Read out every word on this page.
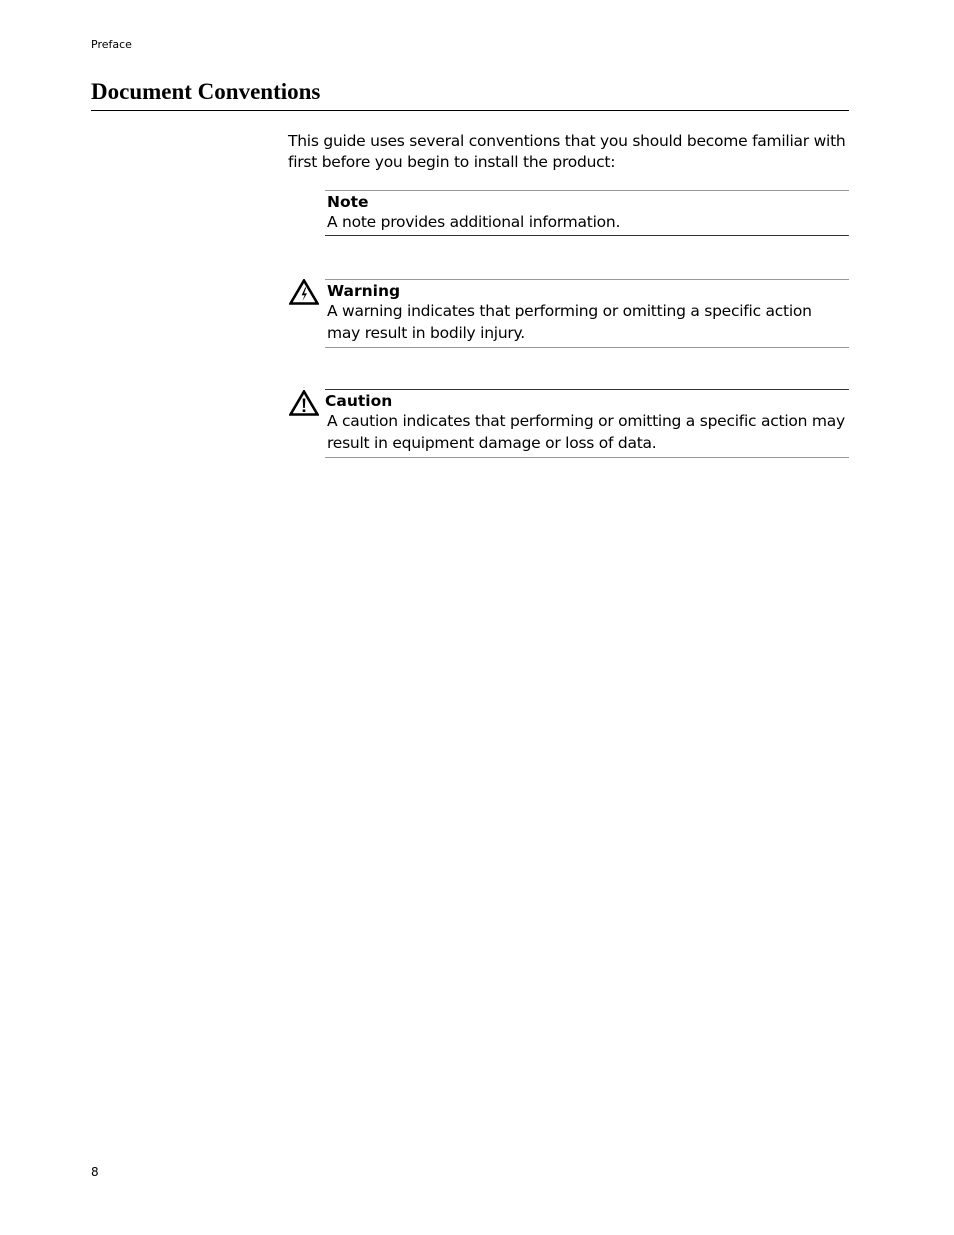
Preface
Document Conventions

This guide uses several conventions that you should become familiar with first before you begin to install the product:

Note
A note provides additional information.
Warning
A warning indicates that performing or omitting a specific action may result in bodily injury.
Caution
A caution indicates that performing or omitting a specific action may result in equipment damage or loss of data.
8
